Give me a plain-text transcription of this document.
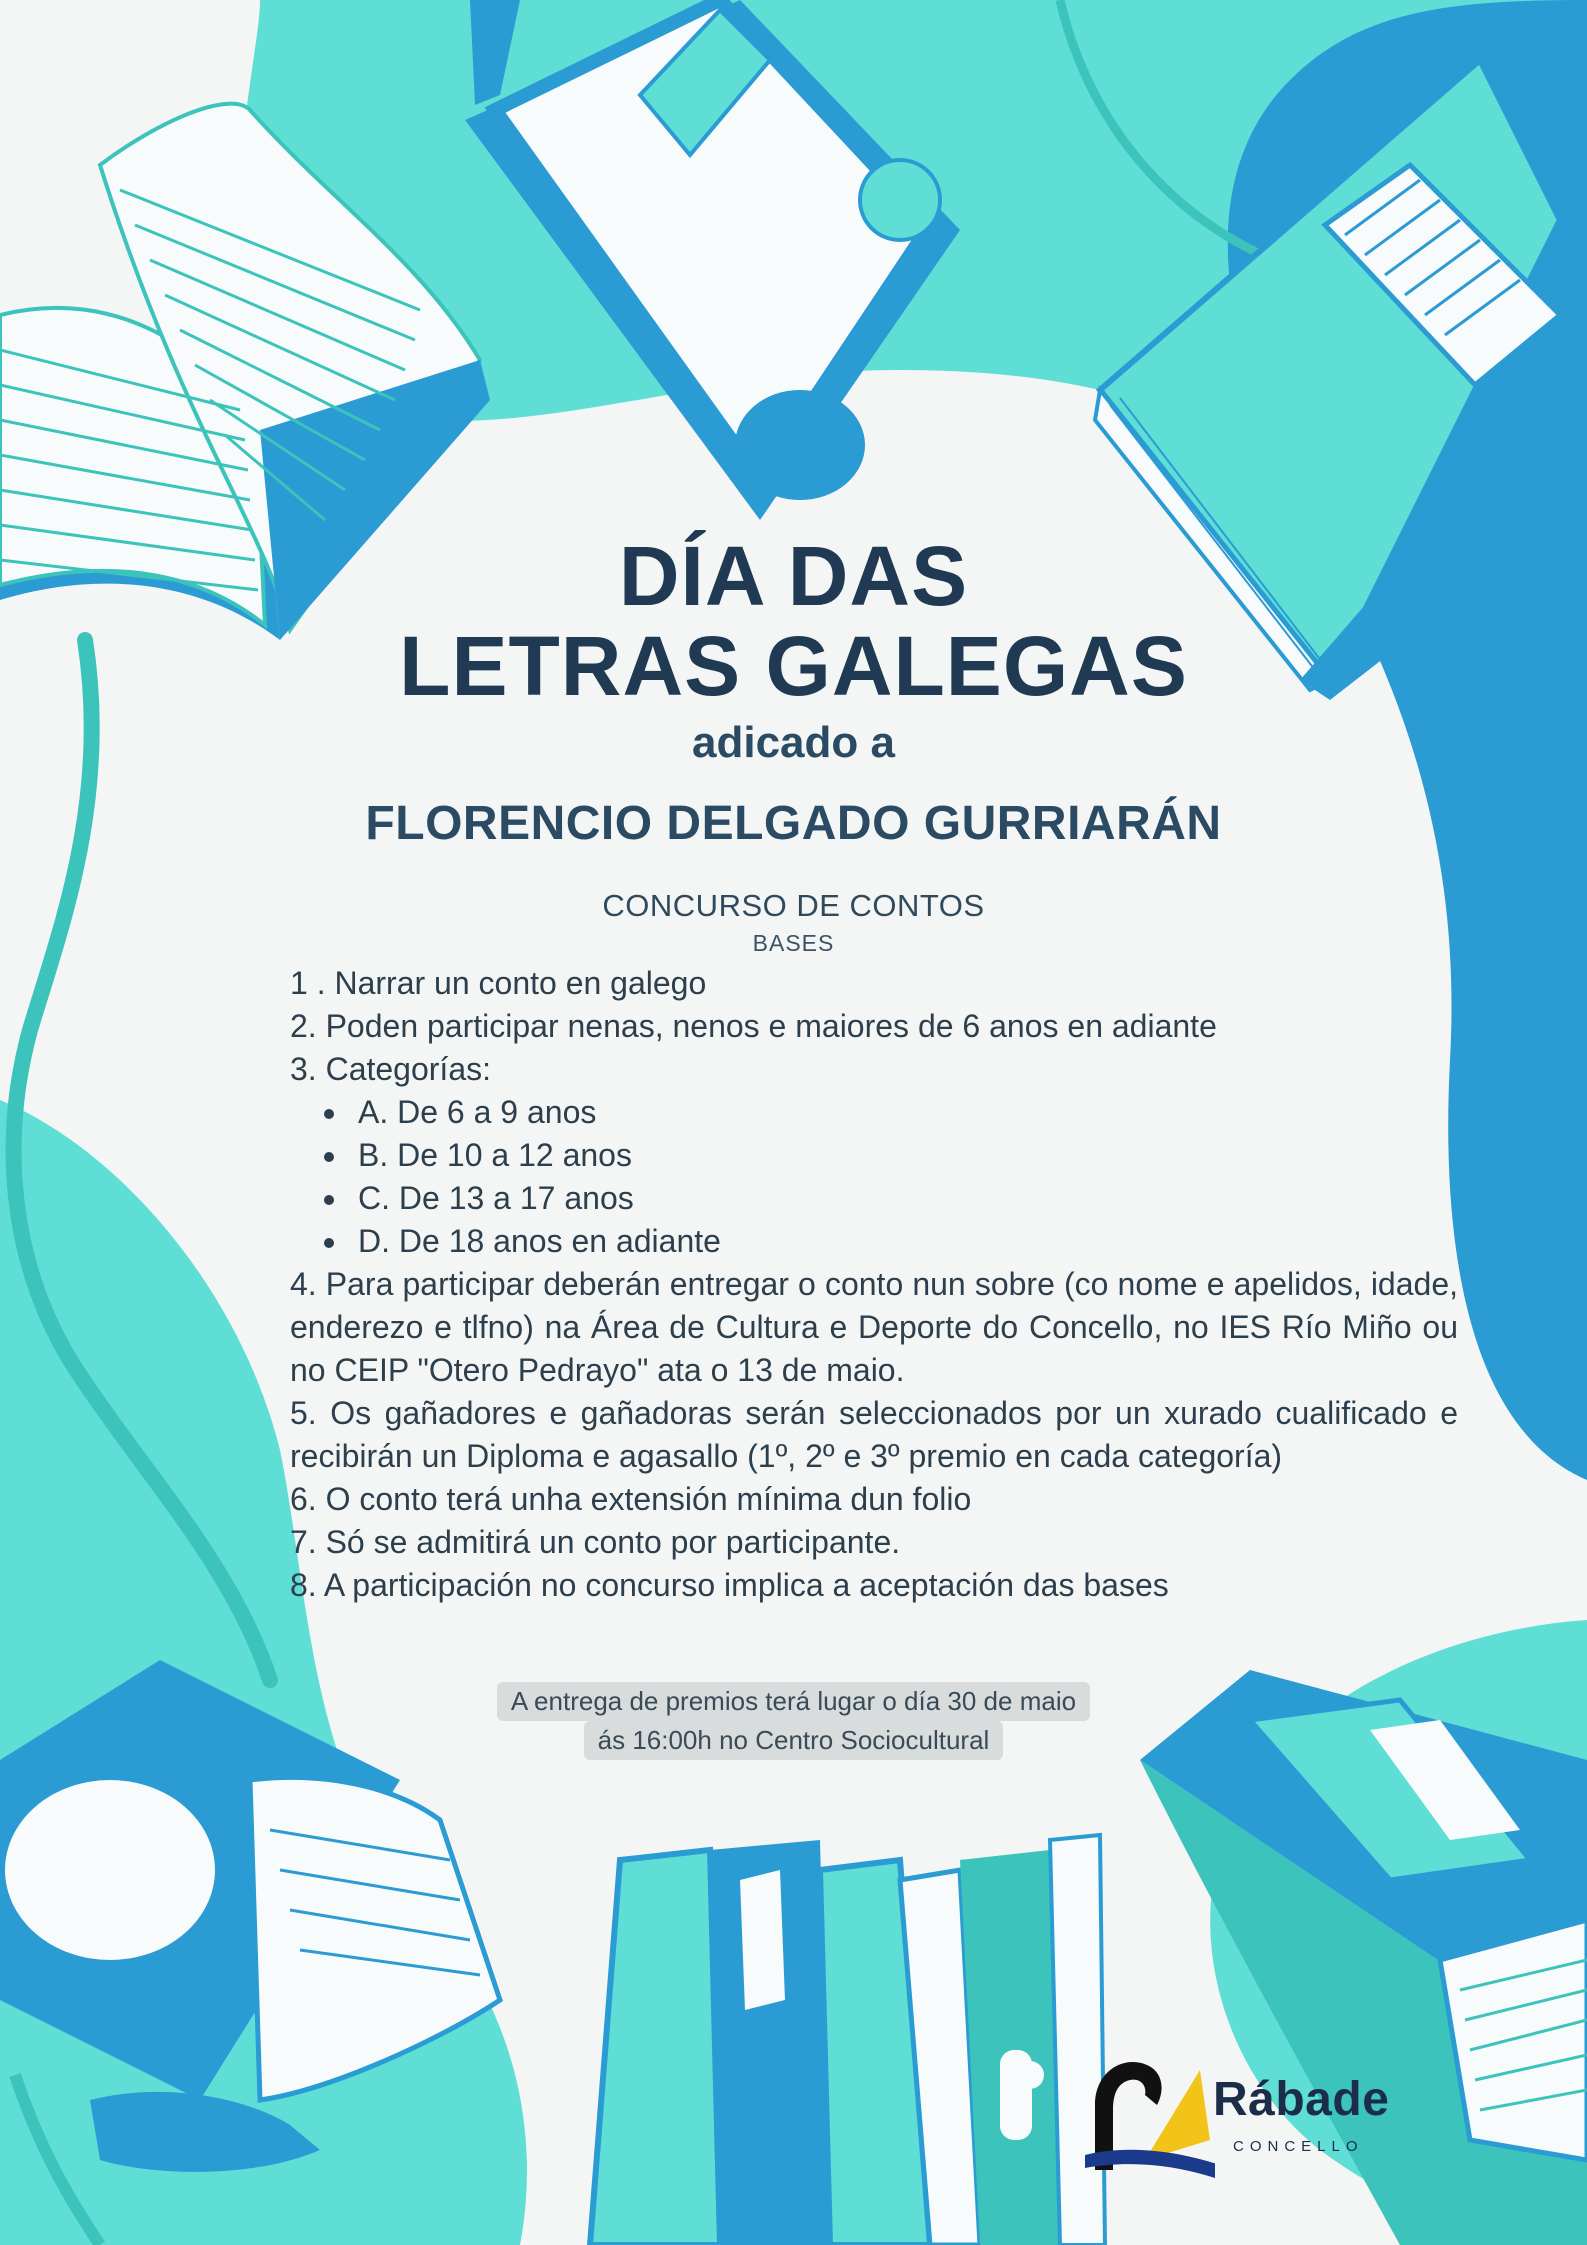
DÍA DAS
LETRAS GALEGAS
adicado a
FLORENCIO DELGADO GURRIARÁN
CONCURSO DE CONTOS
BASES

1 . Narrar un conto en galego

2. Poden participar nenas, nenos e maiores de 6 anos en adiante

3. Categorías:

• A. De 6 a 9 anos
• B. De 10 a 12 anos
• C. De 13 a 17 anos
• D. De 18 anos en adiante

4. Para participar deberán entregar o conto nun sobre (co nome e apelidos, idade, enderezo e tlfno) na Área de Cultura e Deporte do Concello, no IES Río Miño ou no CEIP "Otero Pedrayo" ata o 13 de maio.

5. Os gañadores e gañadoras serán seleccionados por un xurado cualificado e recibirán un Diploma e agasallo (1º, 2º e 3º premio en cada categoría)

6. O conto terá unha extensión mínima dun folio

7. Só se admitirá un conto por participante.

8. A participación no concurso implica a aceptación das bases

A entrega de premios terá lugar o día 30 de maio
ás 16:00h no Centro Sociocultural
Rábade
CONCELLO
